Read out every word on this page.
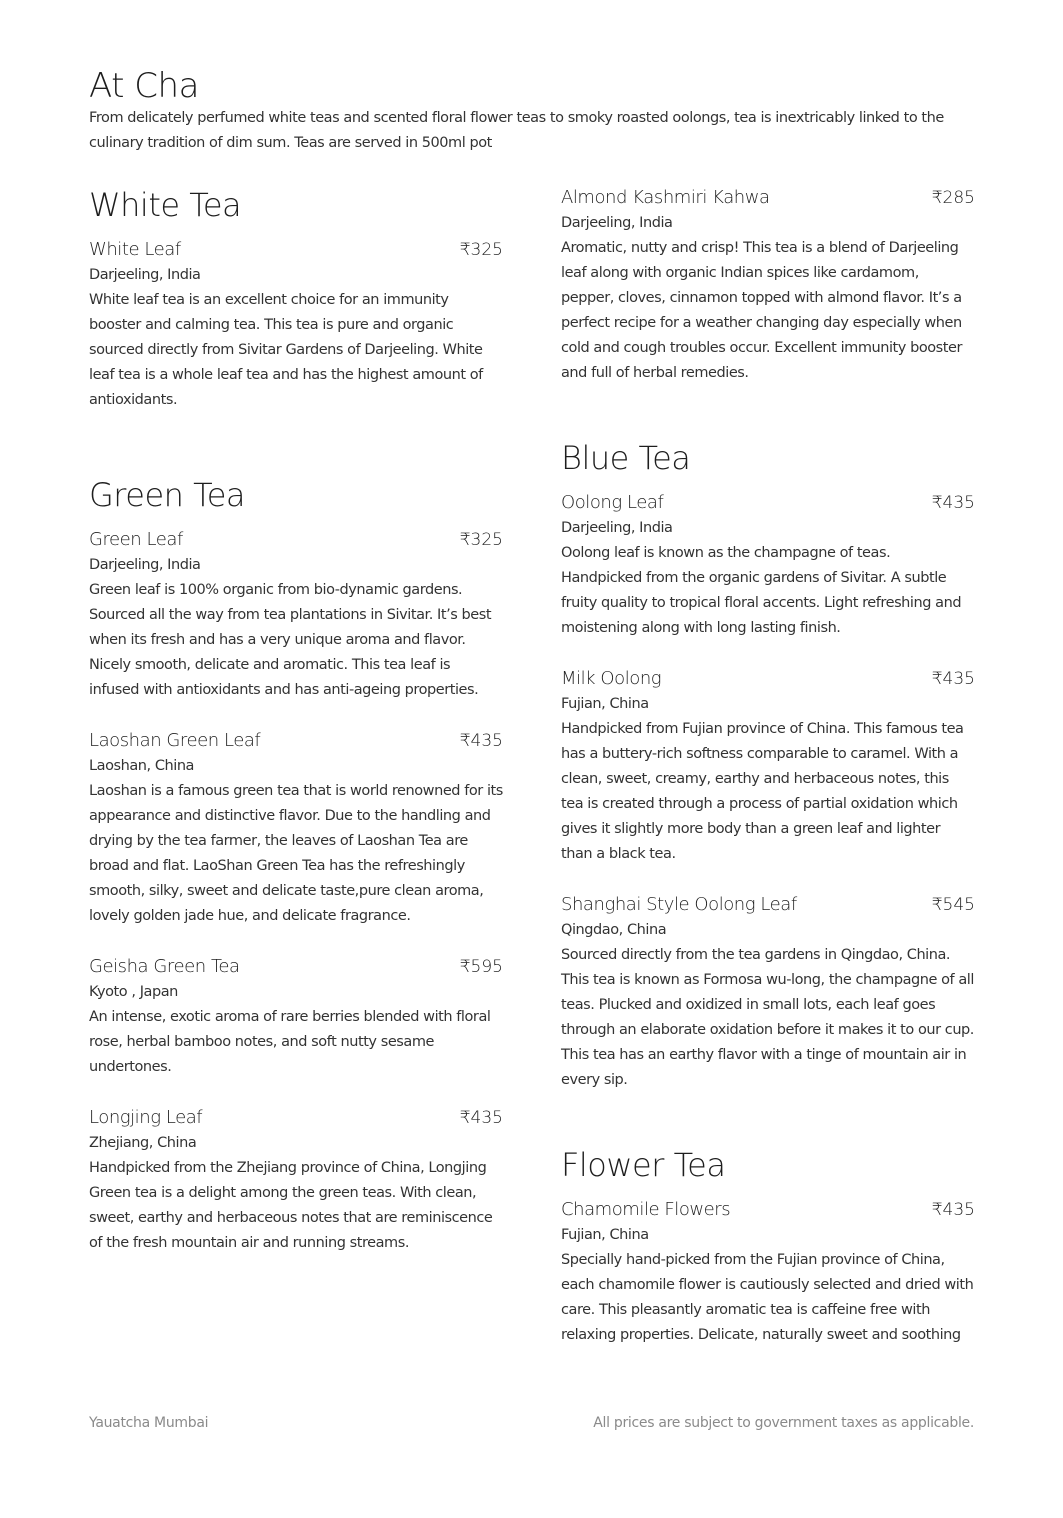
At Cha
From delicately perfumed white teas and scented floral flower teas to smoky roasted oolongs, tea is inextricably linked to the culinary tradition of dim sum. Teas are served in 500ml pot
White Tea
White Leaf	₹325
Darjeeling, India
White leaf tea is an excellent choice for an immunity booster and calming tea. This tea is pure and organic sourced directly from Sivitar Gardens of Darjeeling. White leaf tea is a whole leaf tea and has the highest amount of antioxidants.
Green Tea
Green Leaf	₹325
Darjeeling, India
Green leaf is 100% organic from bio-dynamic gardens. Sourced all the way from tea plantations in Sivitar. It’s best when its fresh and has a very unique aroma and flavor. Nicely smooth, delicate and aromatic. This tea leaf is infused with antioxidants and has anti-ageing properties.
Laoshan Green Leaf	₹435
Laoshan, China
Laoshan is a famous green tea that is world renowned for its appearance and distinctive flavor. Due to the handling and drying by the tea farmer, the leaves of Laoshan Tea are broad and flat. LaoShan Green Tea has the refreshingly smooth, silky, sweet and delicate taste,pure clean aroma, lovely golden jade hue, and delicate fragrance.
Geisha Green Tea	₹595
Kyoto , Japan
An intense, exotic aroma of rare berries blended with floral rose, herbal bamboo notes, and soft nutty sesame undertones.
Longjing Leaf	₹435
Zhejiang, China
Handpicked from the Zhejiang province of China, Longjing Green tea is a delight among the green teas. With clean, sweet, earthy and herbaceous notes that are reminiscence of the fresh mountain air and running streams.
Almond Kashmiri Kahwa	₹285
Darjeeling, India
Aromatic, nutty and crisp! This tea is a blend of Darjeeling leaf along with organic Indian spices like cardamom, pepper, cloves, cinnamon topped with almond flavor. It’s a perfect recipe for a weather changing day especially when cold and cough troubles occur. Excellent immunity booster and full of herbal remedies.
Blue Tea
Oolong Leaf	₹435
Darjeeling, India
Oolong leaf is known as the champagne of teas. Handpicked from the organic gardens of Sivitar. A subtle fruity quality to tropical floral accents. Light refreshing and moistening along with long lasting finish.
Milk Oolong	₹435
Fujian, China
Handpicked from Fujian province of China. This famous tea has a buttery-rich softness comparable to caramel. With a clean, sweet, creamy, earthy and herbaceous notes, this tea is created through a process of partial oxidation which gives it slightly more body than a green leaf and lighter than a black tea.
Shanghai Style Oolong Leaf	₹545
Qingdao, China
Sourced directly from the tea gardens in Qingdao, China. This tea is known as Formosa wu-long, the champagne of all teas. Plucked and oxidized in small lots, each leaf goes through an elaborate oxidation before it makes it to our cup. This tea has an earthy flavor with a tinge of mountain air in every sip.
Flower Tea
Chamomile Flowers	₹435
Fujian, China
Specially hand-picked from the Fujian province of China, each chamomile flower is cautiously selected and dried with care. This pleasantly aromatic tea is caffeine free with relaxing properties. Delicate, naturally sweet and soothing
Yauatcha Mumbai	All prices are subject to government taxes as applicable.
